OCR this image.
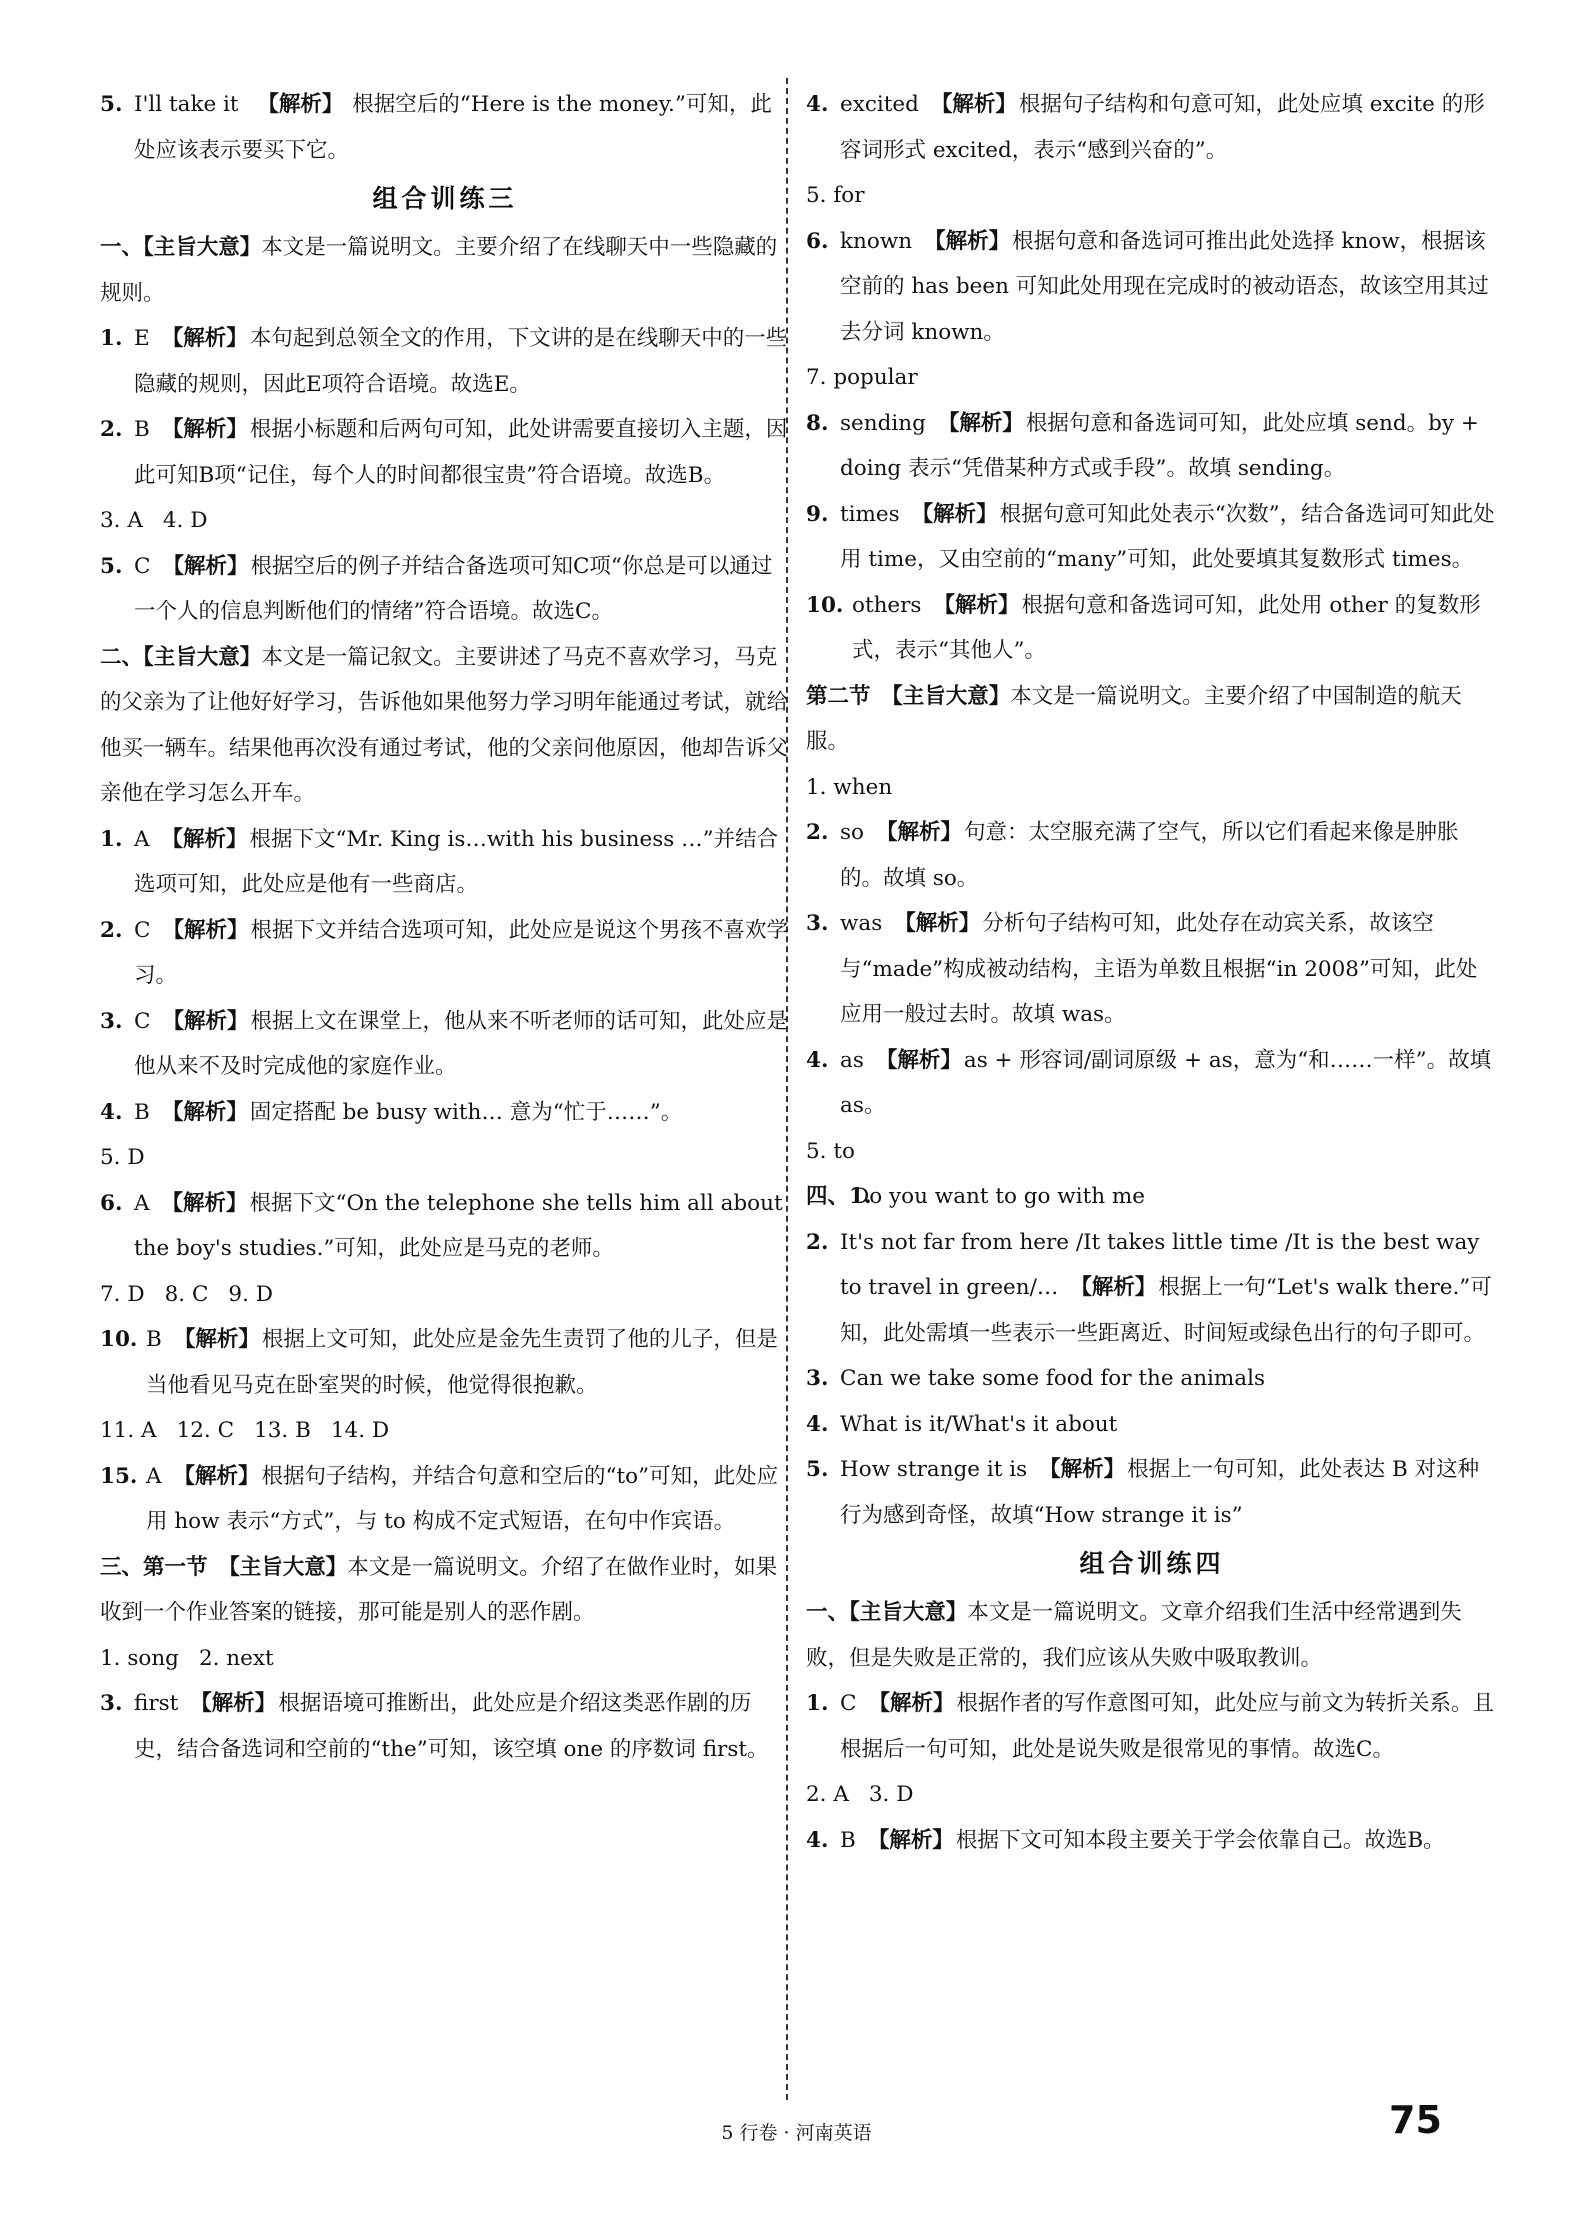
5. I'll take it 【解析】 根据空后的“Here is the money.”可知，此处应该表示要买下它。

组合训练三

一、【主旨大意】本文是一篇说明文。主要介绍了在线聊天中一些隐藏的规则。

1. E 【解析】本句起到总领全文的作用，下文讲的是在线聊天中的一些隐藏的规则，因此E项符合语境。故选E。
2. B 【解析】根据小标题和后两句可知，此处讲需要直接切入主题，因此可知B项“记住，每个人的时间都很宝贵”符合语境。故选B。
3. A 4. D
5. C 【解析】根据空后的例子并结合备选项可知C项“你总是可以通过一个人的信息判断他们的情绪”符合语境。故选C。

二、【主旨大意】本文是一篇记叙文。主要讲述了马克不喜欢学习，马克的父亲为了让他好好学习，告诉他如果他努力学习明年能通过考试，就给他买一辆车。结果他再次没有通过考试，他的父亲问他原因，他却告诉父亲他在学习怎么开车。

1. A 【解析】根据下文“Mr. King is…with his business …”并结合选项可知，此处应是他有一些商店。
2. C 【解析】根据下文并结合选项可知，此处应是说这个男孩不喜欢学习。
3. C 【解析】根据上文在课堂上，他从来不听老师的话可知，此处应是他从来不及时完成他的家庭作业。
4. B 【解析】固定搭配 be busy with… 意为“忙于……”。
5. D
6. A 【解析】根据下文“On the telephone she tells him all about the boy's studies.”可知，此处应是马克的老师。
7. D 8. C 9. D
10. B 【解析】根据上文可知，此处应是金先生责罚了他的儿子，但是当他看见马克在卧室哭的时候，他觉得很抱歉。
11. A 12. C 13. B 14. D
15. A 【解析】根据句子结构，并结合句意和空后的“to”可知，此处应用 how 表示“方式”，与 to 构成不定式短语，在句中作宾语。

三、第一节　【主旨大意】本文是一篇说明文。介绍了在做作业时，如果收到一个作业答案的链接，那可能是别人的恶作剧。

1. song 2. next
3. first 【解析】根据语境可推断出，此处应是介绍这类恶作剧的历史，结合备选词和空前的“the”可知，该空填 one 的序数词 first。
4. excited 【解析】根据句子结构和句意可知，此处应填 excite 的形容词形式 excited，表示“感到兴奋的”。
5. for
6. known 【解析】根据句意和备选词可推出此处选择 know，根据该空前的 has been 可知此处用现在完成时的被动语态，故该空用其过去分词 known。
7. popular
8. sending 【解析】根据句意和备选词可知，此处应填 send。by + doing 表示“凭借某种方式或手段”。故填 sending。
9. times 【解析】根据句意可知此处表示“次数”，结合备选词可知此处用 time，又由空前的“many”可知，此处要填其复数形式 times。
10. others 【解析】根据句意和备选词可知，此处用 other 的复数形式，表示“其他人”。

第二节　【主旨大意】本文是一篇说明文。主要介绍了中国制造的航天服。

1. when
2. so 【解析】句意：太空服充满了空气，所以它们看起来像是肿胀的。故填 so。
3. was 【解析】分析句子结构可知，此处存在动宾关系，故该空与“made”构成被动结构，主语为单数且根据“in 2008”可知，此处应用一般过去时。故填 was。
4. as 【解析】as + 形容词/副词原级 + as，意为“和……一样”。故填 as。
5. to
四、1.
Do you want to go with me
2. It's not far from here /It takes little time /It is the best way to travel in green/… 【解析】根据上一句“Let's walk there.”可知，此处需填一些表示一些距离近、时间短或绿色出行的句子即可。
3. Can we take some food for the animals
4. What is it/What's it about
5. How strange it is 【解析】根据上一句可知，此处表达 B 对这种行为感到奇怪，故填“How strange it is”

组合训练四

一、【主旨大意】本文是一篇说明文。文章介绍我们生活中经常遇到失败，但是失败是正常的，我们应该从失败中吸取教训。

1. C 【解析】根据作者的写作意图可知，此处应与前文为转折关系。且根据后一句可知，此处是说失败是很常见的事情。故选C。
2. A 3. D
4. B 【解析】根据下文可知本段主要关于学会依靠自己。故选B。
5 行卷 · 河南英语	75
